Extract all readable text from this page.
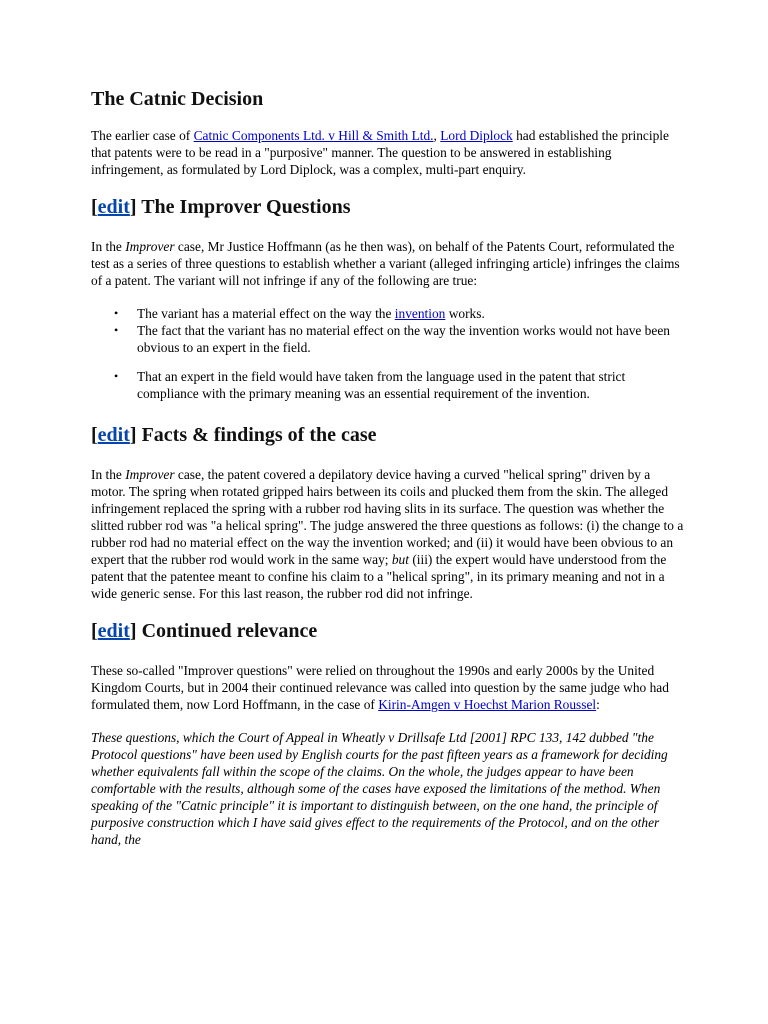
The Catnic Decision

The earlier case of Catnic Components Ltd. v Hill & Smith Ltd., Lord Diplock had established the principle that patents were to be read in a "purposive" manner. The question to be answered in establishing infringement, as formulated by Lord Diplock, was a complex, multi-part enquiry.

[edit] The Improver Questions

In the Improver case, Mr Justice Hoffmann (as he then was), on behalf of the Patents Court, reformulated the test as a series of three questions to establish whether a variant (alleged infringing article) infringes the claims of a patent. The variant will not infringe if any of the following are true:

• The variant has a material effect on the way the invention works.
• The fact that the variant has no material effect on the way the invention works would not have been obvious to an expert in the field.
• That an expert in the field would have taken from the language used in the patent that strict compliance with the primary meaning was an essential requirement of the invention.
[edit] Facts & findings of the case

In the Improver case, the patent covered a depilatory device having a curved "helical spring" driven by a motor. The spring when rotated gripped hairs between its coils and plucked them from the skin. The alleged infringement replaced the spring with a rubber rod having slits in its surface. The question was whether the slitted rubber rod was "a helical spring". The judge answered the three questions as follows: (i) the change to a rubber rod had no material effect on the way the invention worked; and (ii) it would have been obvious to an expert that the rubber rod would work in the same way; but (iii) the expert would have understood from the patent that the patentee meant to confine his claim to a "helical spring", in its primary meaning and not in a wide generic sense. For this last reason, the rubber rod did not infringe.

[edit] Continued relevance

These so-called "Improver questions" were relied on throughout the 1990s and early 2000s by the United Kingdom Courts, but in 2004 their continued relevance was called into question by the same judge who had formulated them, now Lord Hoffmann, in the case of Kirin-Amgen v Hoechst Marion Roussel:

These questions, which the Court of Appeal in Wheatly v Drillsafe Ltd [2001] RPC 133, 142 dubbed "the Protocol questions" have been used by English courts for the past fifteen years as a framework for deciding whether equivalents fall within the scope of the claims. On the whole, the judges appear to have been comfortable with the results, although some of the cases have exposed the limitations of the method. When speaking of the "Catnic principle" it is important to distinguish between, on the one hand, the principle of purposive construction which I have said gives effect to the requirements of the Protocol, and on the other hand, the
